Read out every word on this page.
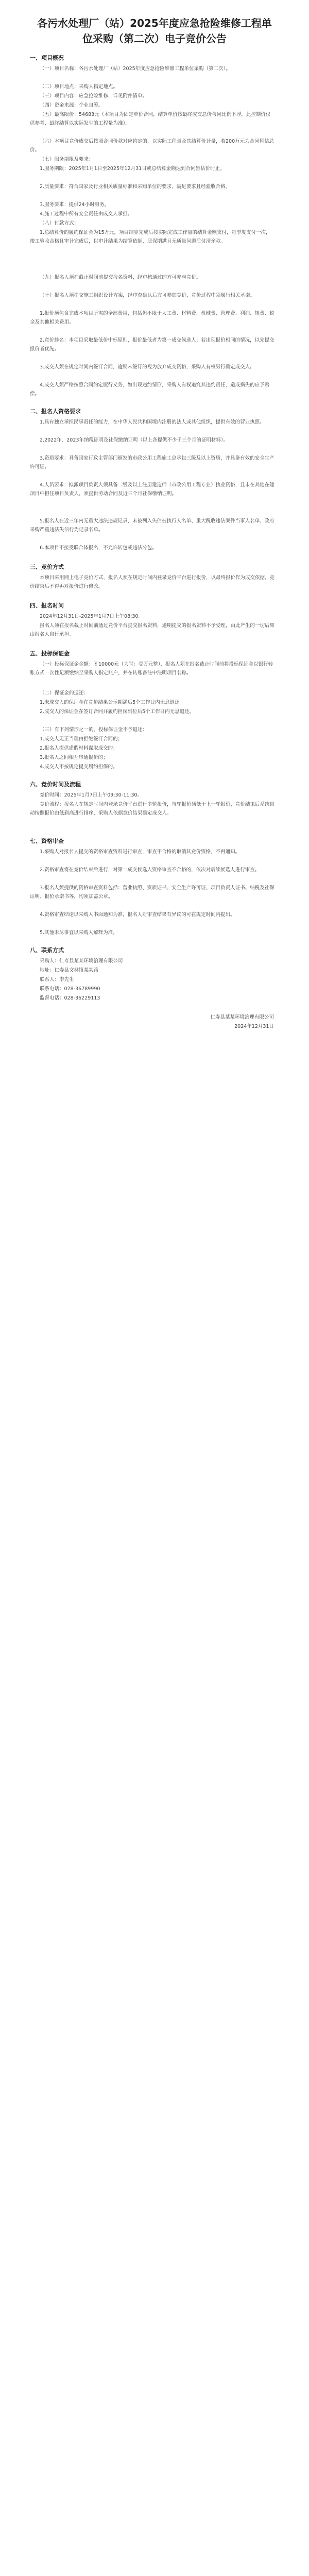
各污水处理厂（站）2025年度应急抢险维修工程单位采购（第二次）电子竞价公告
一、项目概况

（一）项目名称：各污水处理厂（站）2025年度应急抢险维修工程单位采购（第二次）。

（二）项目地点：采购人指定地点。

（三）项目内容：应急抢险维修，详见附件清单。

（四）资金来源：企业自筹。

（五）最高限价：54683元（本项目为固定单价合同，结算单价按最终成交总价与同比例下浮，此控制价仅供参考，最终结算以实际发生的工程量为准）。

（六）本项目竞价成交后按照合同价款对应约定的，以实际工程量及其结算价计量，若200万元为合同暂估总价。

（七）服务期限及要求：

1.服务期限：2025年1月1日至2025年12月31日或总结算金额达到合同暂估价时止。

2.质量要求：符合国家及行业相关质量标准和采购单位的要求，满足要求且经验收合格。

3.服务要求：提供24小时服务。

4.施工过程中所有安全责任由成交人承担。

（八）付款方式：

1.总结算价的履约保证金为15万元，项目结算完成后按实际完成工作量的结算金额支付，每季度支付一次，竣工验收合格且审计完成后，以审计结果为结算依据，质保期满且无质量问题后付清余款。

（九）报名人须在截止时间前提交报名资料，经审核通过的方可参与竞价。

（十）报名人须提交施工组织设计方案，经审查确认后方可参加竞价，竞价过程中须履行相关承诺。

1.报价须包含完成本项目所需的全部费用，包括但不限于人工费、材料费、机械费、管理费、利润、规费、税金及其他相关费用。

2.竞价排名：本项目采取最低价中标原则，报价最低者为第一成交候选人；若出现报价相同的情况，以先提交报价者优先。

3.成交人须在规定时间内签订合同，逾期未签订的视为放弃成交资格，采购人有权另行确定成交人。

4.成交人须严格按照合同约定履行义务，如出现违约情形，采购人有权追究其违约责任，造成损失的应予赔偿。

二、报名人资格要求

1.具有独立承担民事责任的能力，在中华人民共和国境内注册的法人或其他组织，提供有效的营业执照。

2.2022年、2023年纳税证明及社保缴纳证明（以上各提供不少于三个月的证明材料）。

3.资质要求：具备国家行政主管部门颁发的市政公用工程施工总承包三级及以上资质，并具备有效的安全生产许可证。

4.人员要求：拟派项目负责人须具备二级及以上注册建造师（市政公用工程专业）执业资格，且未在其他在建项目中担任项目负责人，须提供劳动合同及近三个月社保缴纳证明。

5.报名人在近三年内无重大违法违规记录，未被列入失信被执行人名单、重大税收违法案件当事人名单、政府采购严重违法失信行为记录名单。

6.本项目不接受联合体报名，不允许转包或违法分包。

三、竞价方式

本项目采用网上电子竞价方式，报名人须在规定时间内登录竞价平台进行报价，以最终报价作为成交依据，竞价结束后不得再对报价进行修改。

四、报名时间

2024年12月31日-2025年1月7日上午08:30。

报名人须在报名截止时间前通过竞价平台提交报名资料，逾期提交的报名资料不予受理，由此产生的一切后果由报名人自行承担。

五、投标保证金

（一）投标保证金金额：￥10000元（大写：壹万元整），报名人须在报名截止时间前将投标保证金以银行转账方式一次性足额缴纳至采购人指定账户，并在转账备注中注明项目名称。

（二）保证金的退还：

1.未成交人的保证金在竞价结果公示期满后5个工作日内无息退还。

2.成交人的保证金在签订合同并履约担保到位后5个工作日内无息退还。

（三）有下列情形之一的，投标保证金不予退还：

1.成交人无正当理由拒绝签订合同的；

2.报名人提供虚假材料谋取成交的；

3.报名人之间相互串通报价的；

4.成交人不按规定提交履约担保的。

六、竞价时间及流程

竞价时间：2025年1月7日上午09:30-11:30。

竞价流程：报名人在规定时间内登录竞价平台进行多轮报价，每轮报价须低于上一轮报价，竞价结束后系统自动按照报价由低到高进行排序，采购人依据竞价结果确定成交人。

七、资格审查

1.采购人对报名人提交的资格审查资料进行审查，审查不合格的取消其竞价资格，不再通知。

2.资格审查将在竞价结束后进行，对第一成交候选人资格审查不合格的，依次对后续候选人进行审查。

3.报名人须提供的资格审查资料包括：营业执照、资质证书、安全生产许可证、项目负责人证书、纳税及社保证明、报价承诺书等，均须加盖公章。

4.资格审查结论以采购人书面通知为准，报名人对审查结果有异议的可在规定时间内提出。

5.其他未尽事宜以采购人解释为准。

八、联系方式

采购人：仁寿县某某环境治理有限公司

地址：仁寿县文林镇某某路

联系人：李先生

联系电话：028-36789990

监督电话：028-36229113

仁寿县某某环境治理有限公司
2024年12月31日
